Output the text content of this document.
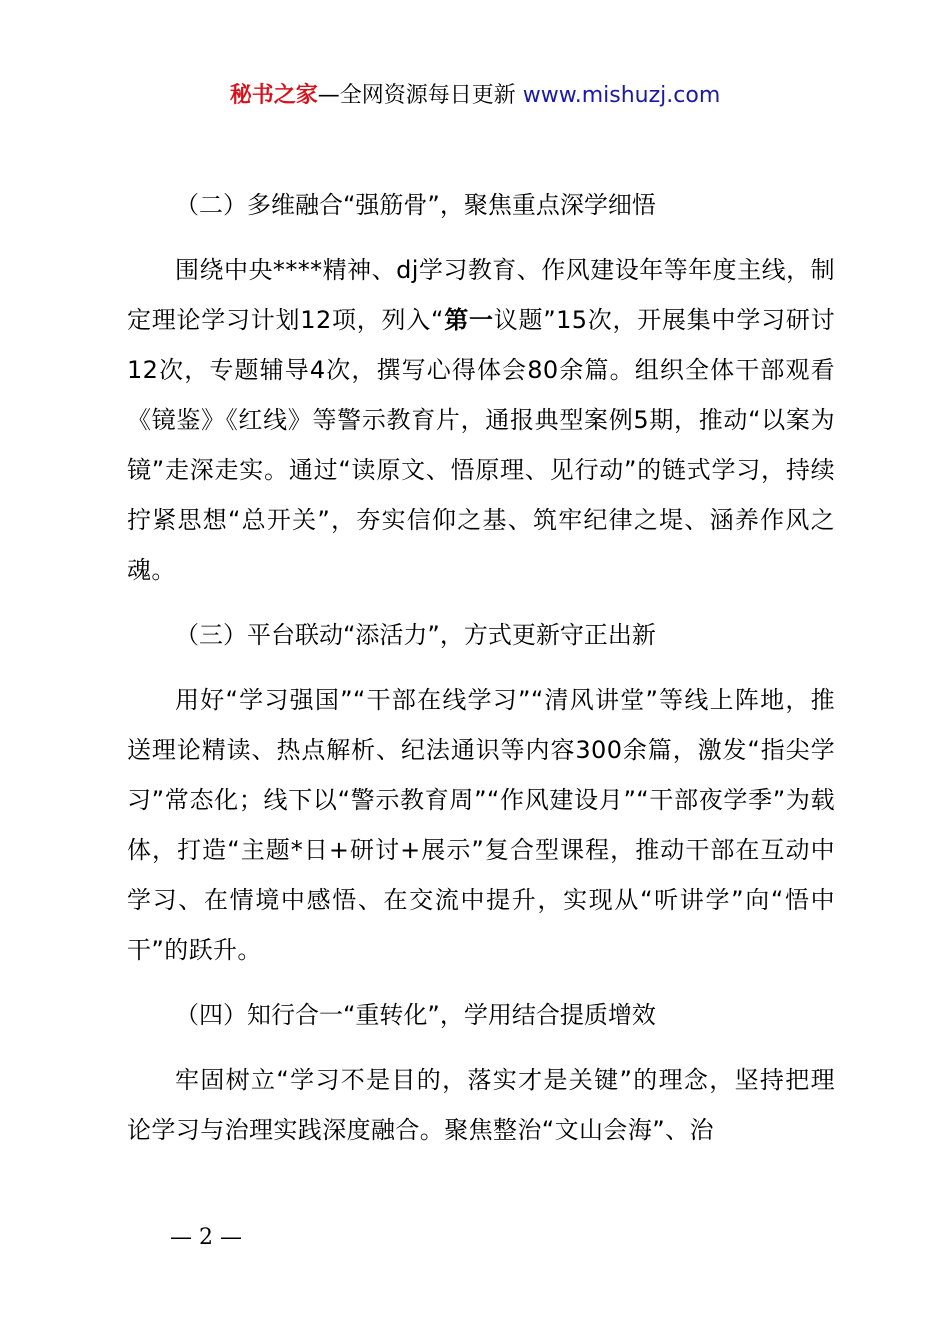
秘书之家—全网资源每日更新 www.mishuzj.com
（二）多维融合“强筋骨”，聚焦重点深学细悟
围绕中央****精神、dj学习教育、作风建设年等年度主线，制定理论学习计划12项，列入“第一议题”15次，开展集中学习研讨12次，专题辅导4次，撰写心得体会80余篇。组织全体干部观看《镜鉴》《红线》等警示教育片，通报典型案例5期，推动“以案为镜”走深走实。通过“读原文、悟原理、见行动”的链式学习，持续拧紧思想“总开关”，夯实信仰之基、筑牢纪律之堤、涵养作风之魂。
（三）平台联动“添活力”，方式更新守正出新
用好“学习强国”“干部在线学习”“清风讲堂”等线上阵地，推送理论精读、热点解析、纪法通识等内容300余篇，激发“指尖学习”常态化；线下以“警示教育周”“作风建设月”“干部夜学季”为载体，打造“主题*日+研讨+展示”复合型课程，推动干部在互动中学习、在情境中感悟、在交流中提升，实现从“听讲学”向“悟中干”的跃升。
（四）知行合一“重转化”，学用结合提质增效
牢固树立“学习不是目的，落实才是关键”的理念，坚持把理论学习与治理实践深度融合。聚焦整治“文山会海”、治
— 2 —
